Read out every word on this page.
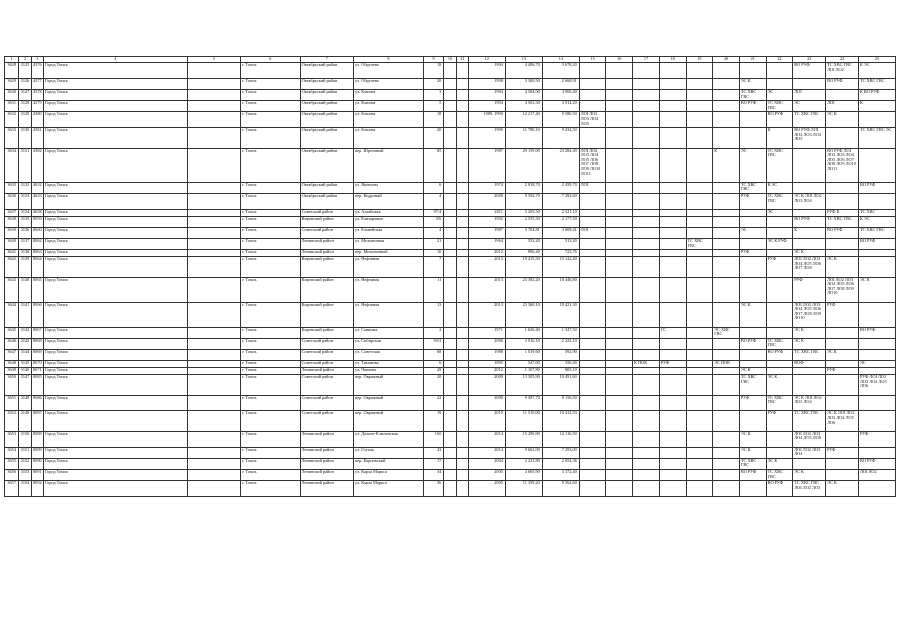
1	2	3	4	5	6	7	8	9	10	11	12	13	14	15	16	17	18	19	20	21	22	23	24	25
3628	3125	4376	Город Томск		г. Томск	Октябрьский район	ул. Обручева	18			1994	4 406,70	3 678,20									ВО РУФ	ТС ХВС ГВС ЛОI ЛО2	К ЭС
3629	3126	4377	Город Томск		г. Томск	Октябрьский район	ул. Обручева	20			1998	3 300,50	2 668,91							ЭС К			ВО РУФ	ТС ХВС ГВС
3630	3127	4378	Город Томск		г. Томск	Октябрьский район	ул. Клюева	3			1994	4 584,00	3 900,40							ТС ХВС ГВС	ЭС	ЛОI		К ВО РУФ
3631	3128	4379	Город Томск		г. Томск	Октябрьский район	ул. Клюева	5			1994	4 563,30	3 914,20							ВО РУФ	ТС ХВС ГВС	ЭС	ЛОI	К
3632	3129	4380	Город Томск		г. Томск	Октябрьский район	ул. Клюева	18			1989, 1990	12 217,40	9 586,50	ЛОI ЛО2 ЛО3 ЛО4 ЛО5							ВО РУФ	ТС ХВС ГВС	ЭС К	
3633	3130	4381	Город Томск		г. Томск	Октябрьский район	ул. Клюева	20			1990	11 780,10	9 434,50								К	ВО РУФ ЛОI ЛО2 ЛО3 ЛО4 ЛО5		ТС ХВС ГВС ЭС
3634	3131	4382	Город Томск		г. Томск	Октябрьский район	пер. Юрточный	85			1987	29 159,09	23 284,49	ЛОI ЛО2 ЛО3 ЛО4 ЛО5 ЛО6 ЛО7 ЛО8 ЛО9 ЛО10 ЛО11					К	ЭС	ТС ХВС ГВС		ВО РУФ ЛОI ЛО2 ЛО3 ЛО4 ЛО5 ЛО6 ЛО7 ЛО8 ЛО9 ЛО10 ЛО11	
3635	3132	4632	Город Томск		г. Томск	Октябрьский район	ул. Яковлева	6			1974	2 818,70	2 459,70	ЛОI						ТС ХВС ГВС	К ЭС			ВО РУФ
3636	3133	4633	Город Томск		г. Томск	Октябрьский район	пер. Кедровый	4			2008	9 592,70	7 293,60							РУФ	ТС ХВС ГВС	ЭС К ЛОI ЛО2 ЛО3 ЛО4		
3637	3134	4658	Город Томск		г. Томск	Советский район	ул. Алтайская	97/4			2011	3 265,50	2 521,10								ЭС		РУФ К	ТС ХВС
3638	3135	8059	Город Томск		г. Томск	Кировский район	ул. Елизаровых	3/6			1992	2 555,50	2 177,50									ВО РУФ	ТС ХВС ГВС	К ЭС
3639	3136	8060	Город Томск		г. Томск	Советский район	ул. Еловейская	4			1987	3 704,81	3 009,41	ЛОI						ЭС		К	ВО РУФ	ТС ХВС ГВС
3640	3137	8062	Город Томск		г. Томск	Ленинский район	ул. Мельничная	21			1964	552,20	513,20					ТС ХВС ГВС			ЭС К РУФ			ВО РУФ
3641	3138	8063	Город Томск		г. Томск	Ленинский район	пер. Мельничный	10			2012	806,40	723,76							РУФ		ЭС К		
3642	3139	8064	Город Томск		г. Томск	Кировский район	ул. Нефтяная	7			2013	19 415,50	15 142,40								РУФ	ЛОI ЛО2 ЛО3 ЛО4 ЛО5 ЛО6 ЛО7 ЛО8	ЭС К	
3643	3140	8065	Город Томск		г. Томск	Кировский район	ул. Нефтяная	11			2013	23 382,20	18 446,80									РУФ	ЛОI ЛО2 ЛО3 ЛО4 ЛО5 ЛО6 ЛО7 ЛО8 ЛО9 ЛО10	ЭС К
3644	3141	8066	Город Томск		г. Томск	Кировский район	ул. Нефтяная	13			2013	23 360,10	18 421,30							ЭС К		ЛОI ЛО2 ЛО3 ЛО4 ЛО5 ЛО6 ЛО7 ЛО8 ЛО9 ЛО10	РУФ	
3645	3142	8067	Город Томск		г. Томск	Кировский район	ул. Савиных	2			1971	1 626,40	1 347,50				ГС		ЭС ХВС ГВС			ЭС К		ВО РУФ
3646	3143	8068	Город Томск		г. Томск	Советский район	ул. Сибирская	93/3			2006	3 016,10	2 223,10							ВО РУФ	ТС ХВС ГВС	ЭС К		
3647	3144	8069	Город Томск		г. Томск	Советский район	ул. Советская	68			1988	1 019,60	592,90								ВО РУФ	ТС ХВС ГВС	ЭС К	
3648	3145	8070	Город Томск		г. Томск	Советский район	ул. Тимакова	6			1895	547,00	356,40			К ПОК	РУФ		ЭС ПОК			ВОФ		ЭС
3649	3146	8071	Город Томск		г. Томск	Ленинский район	ул. Чапаева	29			2012	1 167,80	805,10							ЭС К			РУФ	
3650	3147	8085	Город Томск		г. Томск	Советский район	пер. Овражный	20			2009	13 305,90	10 491,60							ТС ХВС ГВС	ЭС К			РУФ ЛОI ЛО2 ЛО3 ЛО4 ЛО5 ЛО6
3651	3148	8086	Город Томск		г. Томск	Советский район	пер. Овражный	22			2009	9 587,70	8 156,50							РУФ	ТС ХВС ГВС	ЭС К ЛОI ЛО2 ЛО3 ЛО4		
3652	3149	8087	Город Томск		г. Томск	Советский район	пер. Овражный	19			2010	11 510,00	10 412,53								РУФ	ТС ХВС ГВС	ЭС К ЛОI ЛО2 ЛО3 ЛО4 ЛО5 ЛО6	
3653	3150	8088	Город Томск		г. Томск	Ленинский район	ул. Дальне-Ключевская	16б			2014	15 299,90	12 116,50							ЭС К		ЛОI ЛО2 ЛО3 ЛО4 ЛО5 ЛО6		РУФ
3654	3151	8089	Город Томск		г. Томск	Ленинский район	ул. Глухая	43			2014	9 602,00	7 293,00							ЭС К		ЛОI ЛО2 ЛО3 ЛО4	РУФ	
3655	3152	8090	Город Томск		г. Томск	Ленинский район	пер. Карповский	17			2004	2 221,80	2 054,36							ТС ХВС ГВС	ЭС К			ВО РУФ
3656	3153	8091	Город Томск		г. Томск	Ленинский район	ул. Карла Маркса	34			2005	4 605,90	3 372,40							ВО РУФ	ТС ХВС ГВС	ЭС К		ЛОI ЛО2
3657	3154	8092	Город Томск		г. Томск	Ленинский район	ул. Карла Маркса	36			2005	11 359,20	9 562,60								ВО РУФ	ТС ХВС ГВС ЛОI ЛО2 ЛО3	ЭС К	
